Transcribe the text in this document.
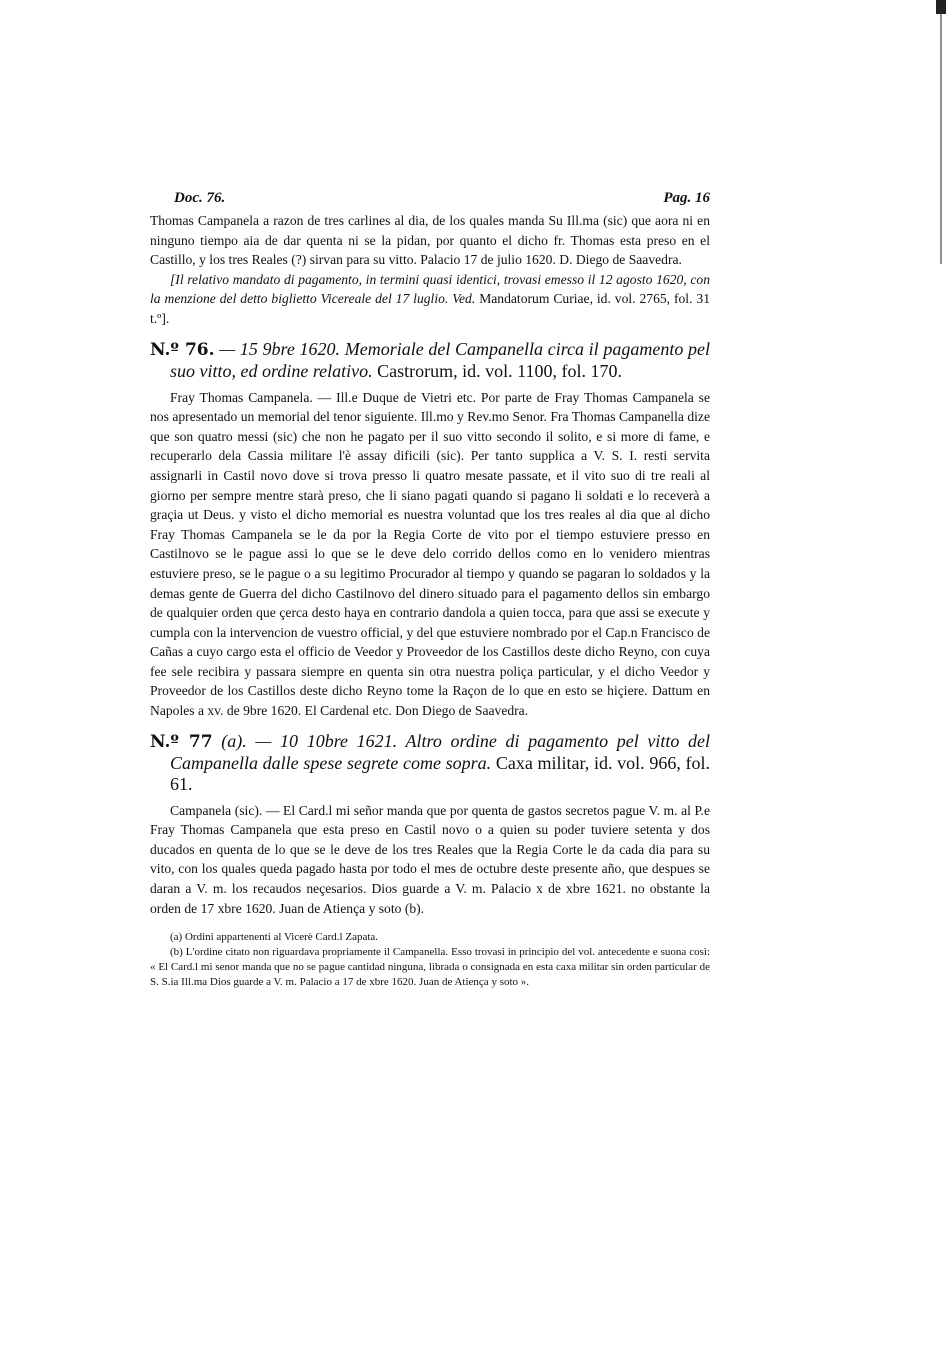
Doc. 76.	Pag. 16

Thomas Campanela a razon de tres carlines al dia, de los quales manda Su Ill.ma (sic) que aora ni en ninguno tiempo aia de dar quenta ni se la pidan, por quanto el dicho fr. Thomas esta preso en el Castillo, y los tres Reales (?) sirvan para su vitto. Palacio 17 de julio 1620. D. Diego de Saavedra.

[Il relativo mandato di pagamento, in termini quasi identici, trovasi emesso il 12 agosto 1620, con la menzione del detto biglietto Vicereale del 17 luglio. Ved. Mandatorum Curiae, id. vol. 2765, fol. 31 t.º].

N.º 76. — 15 9bre 1620. Memoriale del Campanella circa il pagamento pel suo vitto, ed ordine relativo. Castrorum, id. vol. 1100, fol. 170.

Fray Thomas Campanela. — Ill.e Duque de Vietri etc. Por parte de Fray Thomas Campanela se nos apresentado un memorial del tenor siguiente. Ill.mo y Rev.mo Senor. Fra Thomas Campanella dize que son quatro messi (sic) che non he pagato per il suo vitto secondo il solito, e si more di fame, e recuperarlo dela Cassia militare l'è assay dificili (sic). Per tanto supplica a V. S. I. resti servita assignarli in Castil novo dove si trova presso li quatro mesate passate, et il vito suo di tre reali al giorno per sempre mentre starà preso, che li siano pagati quando si pagano li soldati e lo receverà a graçia ut Deus. y visto el dicho memorial es nuestra voluntad que los tres reales al dia que al dicho Fray Thomas Campanela se le da por la Regia Corte de vito por el tiempo estuviere presso en Castilnovo se le pague assi lo que se le deve delo corrido dellos como en lo venidero mientras estuviere preso, se le pague o a su legitimo Procurador al tiempo y quando se pagaran lo soldados y la demas gente de Guerra del dicho Castilnovo del dinero situado para el pagamento dellos sin embargo de qualquier orden que çerca desto haya en contrario dandola a quien tocca, para que assi se execute y cumpla con la intervencion de vuestro official, y del que estuviere nombrado por el Cap.n Francisco de Cañas a cuyo cargo esta el officio de Veedor y Proveedor de los Castillos deste dicho Reyno, con cuya fee sele recibira y passara siempre en quenta sin otra nuestra poliça particular, y el dicho Veedor y Proveedor de los Castillos deste dicho Reyno tome la Raçon de lo que en esto se hiçiere. Dattum en Napoles a xv. de 9bre 1620. El Cardenal etc. Don Diego de Saavedra.

N.º 77 (a). — 10 10bre 1621. Altro ordine di pagamento pel vitto del Campanella dalle spese segrete come sopra. Caxa militar, id. vol. 966, fol. 61.

Campanela (sic). — El Card.l mi señor manda que por quenta de gastos secretos pague V. m. al P.e Fray Thomas Campanela que esta preso en Castil novo o a quien su poder tuviere setenta y dos ducados en quenta de lo que se le deve de los tres Reales que la Regia Corte le da cada dia para su vito, con los quales queda pagado hasta por todo el mes de octubre deste presente año, que despues se daran a V. m. los recaudos neçesarios. Dios guarde a V. m. Palacio x de xbre 1621. no obstante la orden de 17 xbre 1620. Juan de Atiença y soto (b).

(a) Ordini appartenenti al Vicerè Card.l Zapata.

(b) L'ordine citato non riguardava propriamente il Campanella. Esso trovasi in principio del vol. antecedente e suona così: « El Card.l mi senor manda que no se pague cantidad ninguna, librada o consignada en esta caxa militar sin orden particular de S. S.ia Ill.ma Dios guarde a V. m. Palacio a 17 de xbre 1620. Juan de Atiença y soto ».
